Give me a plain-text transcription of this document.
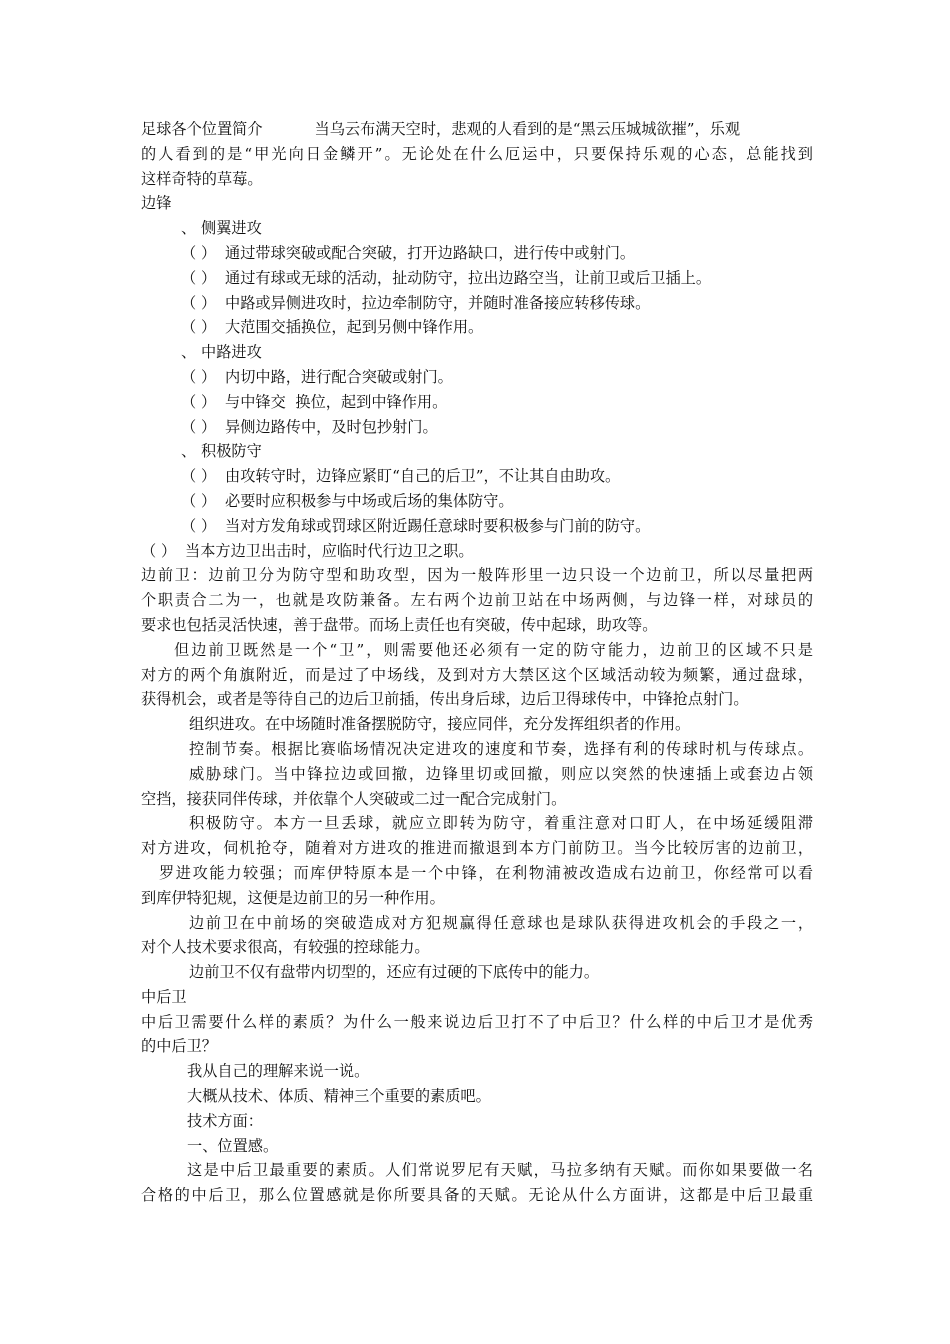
足球各个位置简介	当乌云布满天空时，悲观的人看到的是“黑云压城城欲摧”，乐观
的人看到的是“甲光向日金鳞开”。无论处在什么厄运中，只要保持乐观的心态，总能找到
这样奇特的草莓。
边锋
、 侧翼进攻
（ ） 通过带球突破或配合突破，打开边路缺口，进行传中或射门。
（ ） 通过有球或无球的活动，扯动防守，拉出边路空当，让前卫或后卫插上。
（ ） 中路或异侧进攻时，拉边牵制防守，并随时准备接应转移传球。
（ ） 大范围交插换位，起到另侧中锋作用。
、 中路进攻
（ ） 内切中路，进行配合突破或射门。
（ ） 与中锋交  换位，起到中锋作用。
（ ） 异侧边路传中，及时包抄射门。
、 积极防守
（ ） 由攻转守时，边锋应紧盯“自己的后卫”，不让其自由助攻。
（ ） 必要时应积极参与中场或后场的集体防守。
（ ） 当对方发角球或罚球区附近踢任意球时要积极参与门前的防守。
（ ） 当本方边卫出击时，应临时代行边卫之职。
边前卫：边前卫分为防守型和助攻型，因为一般阵形里一边只设一个边前卫，所以尽量把两
个职责合二为一，也就是攻防兼备。左右两个边前卫站在中场两侧，与边锋一样，对球员的
要求也包括灵活快速，善于盘带。而场上责任也有突破，传中起球，助攻等。
但边前卫既然是一个“卫”，则需要他还必须有一定的防守能力，边前卫的区域不只是
对方的两个角旗附近，而是过了中场线，及到对方大禁区这个区域活动较为频繁，通过盘球，
获得机会，或者是等待自己的边后卫前插，传出身后球，边后卫得球传中，中锋抢点射门。
组织进攻。在中场随时准备摆脱防守，接应同伴，充分发挥组织者的作用。
控制节奏。根据比赛临场情况决定进攻的速度和节奏，选择有利的传球时机与传球点。
威胁球门。当中锋拉边或回撤，边锋里切或回撤，则应以突然的快速插上或套边占领
空挡，接获同伴传球，并依靠个人突破或二过一配合完成射门。
积极防守。本方一旦丢球，就应立即转为防守，着重注意对口盯人，在中场延缓阻滞
对方进攻，伺机抢夺，随着对方进攻的推进而撤退到本方门前防卫。当今比较厉害的边前卫，
罗进攻能力较强；而库伊特原本是一个中锋，在利物浦被改造成右边前卫，你经常可以看
到库伊特犯规，这便是边前卫的另一种作用。
边前卫在中前场的突破造成对方犯规赢得任意球也是球队获得进攻机会的手段之一，
对个人技术要求很高，有较强的控球能力。
边前卫不仅有盘带内切型的，还应有过硬的下底传中的能力。
中后卫
中后卫需要什么样的素质？为什么一般来说边后卫打不了中后卫？什么样的中后卫才是优秀
的中后卫？
我从自己的理解来说一说。
大概从技术、体质、精神三个重要的素质吧。
技术方面：
一、位置感。
这是中后卫最重要的素质。人们常说罗尼有天赋，马拉多纳有天赋。而你如果要做一名
合格的中后卫，那么位置感就是你所要具备的天赋。无论从什么方面讲，这都是中后卫最重
